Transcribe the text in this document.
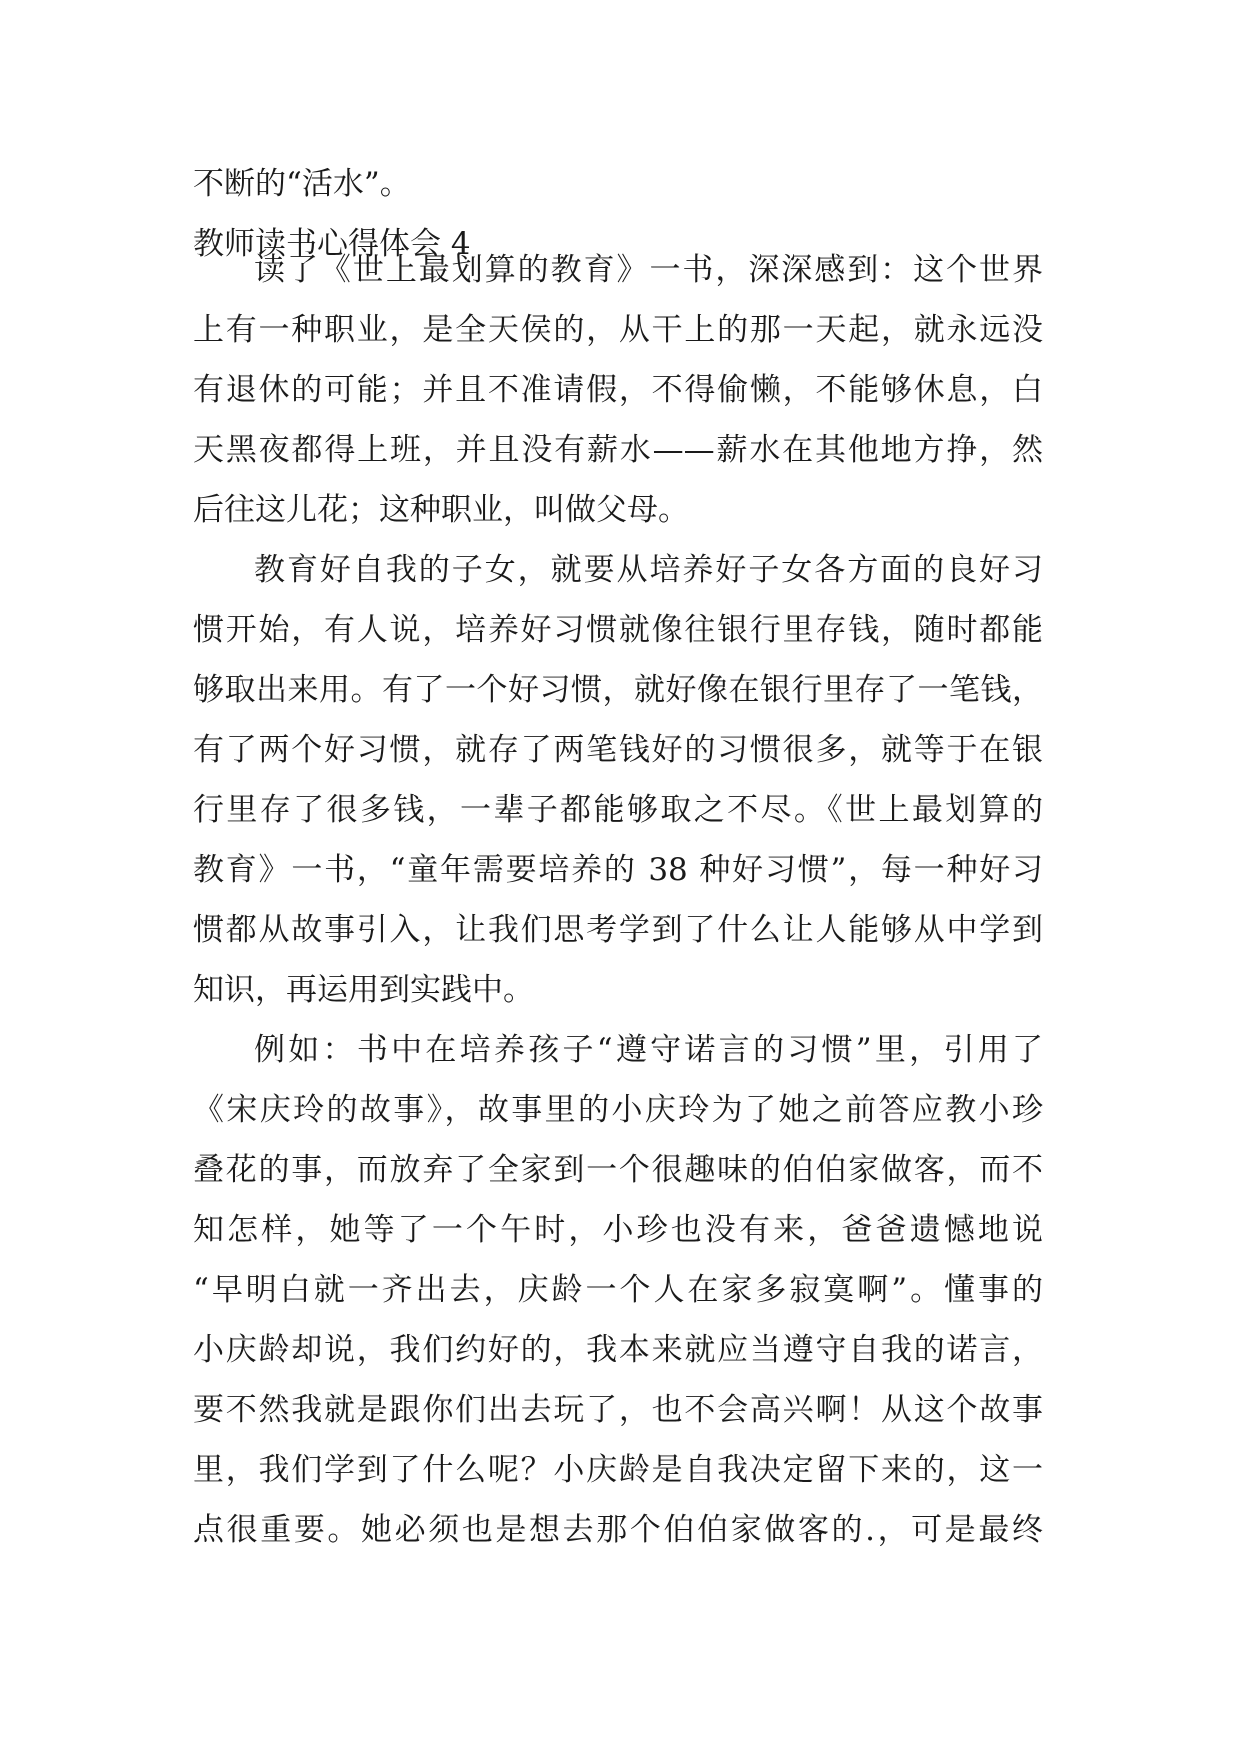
不断的“活水”。

教师读书心得体会 4

读了《世上最划算的教育》一书，深深感到：这个世界

上有一种职业，是全天侯的，从干上的那一天起，就永远没

有退休的可能；并且不准请假，不得偷懒，不能够休息，白

天黑夜都得上班，并且没有薪水——薪水在其他地方挣，然

后往这儿花；这种职业，叫做父母。

教育好自我的子女，就要从培养好子女各方面的良好习

惯开始，有人说，培养好习惯就像往银行里存钱，随时都能

够取出来用。有了一个好习惯，就好像在银行里存了一笔钱，

有了两个好习惯，就存了两笔钱好的习惯很多，就等于在银

行里存了很多钱，一辈子都能够取之不尽。《世上最划算的

教育》一书，“童年需要培养的 38 种好习惯”，每一种好习

惯都从故事引入，让我们思考学到了什么让人能够从中学到

知识，再运用到实践中。

例如：书中在培养孩子“遵守诺言的习惯”里，引用了

《宋庆玲的故事》，故事里的小庆玲为了她之前答应教小珍

叠花的事，而放弃了全家到一个很趣味的伯伯家做客，而不

知怎样，她等了一个午时，小珍也没有来，爸爸遗憾地说

“早明白就一齐出去，庆龄一个人在家多寂寞啊”。懂事的

小庆龄却说，我们约好的，我本来就应当遵守自我的诺言，

要不然我就是跟你们出去玩了，也不会高兴啊！从这个故事

里，我们学到了什么呢？小庆龄是自我决定留下来的，这一

点很重要。她必须也是想去那个伯伯家做客的.，可是最终
